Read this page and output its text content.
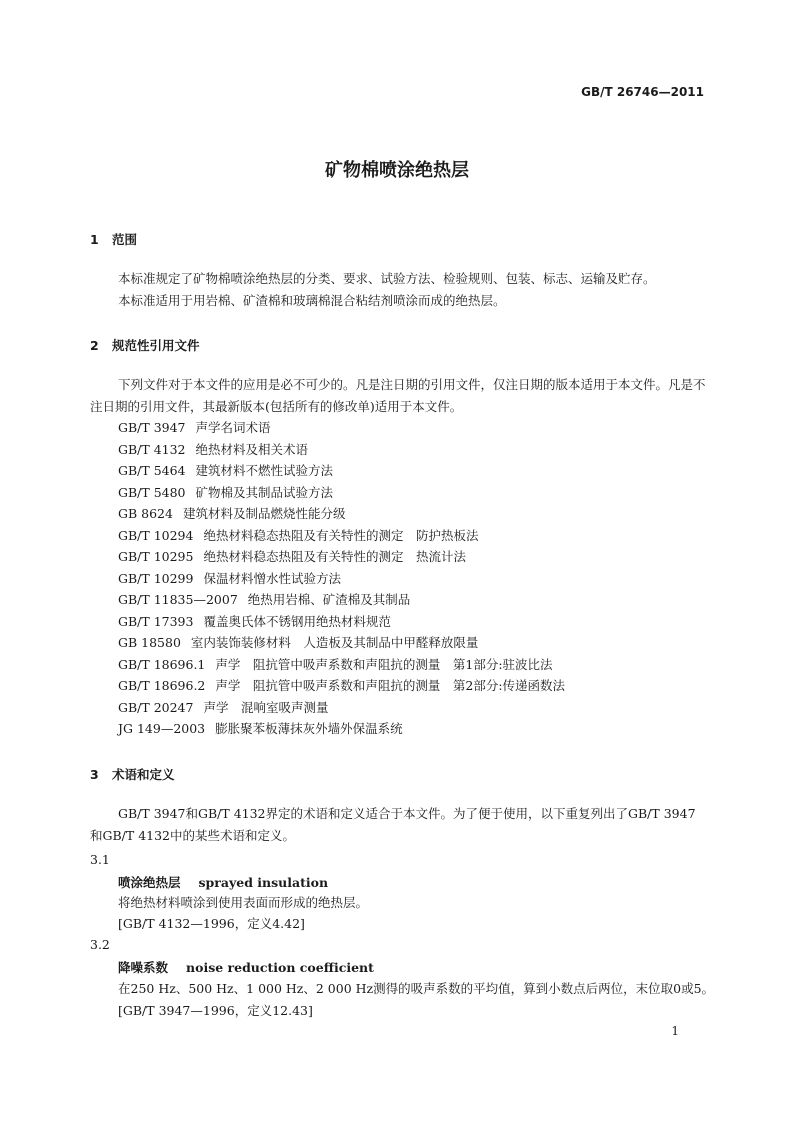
GB/T 26746—2011
矿物棉喷涂绝热层
1 范围
本标准规定了矿物棉喷涂绝热层的分类、要求、试验方法、检验规则、包装、标志、运输及贮存。
本标准适用于用岩棉、矿渣棉和玻璃棉混合粘结剂喷涂而成的绝热层。
2 规范性引用文件
下列文件对于本文件的应用是必不可少的。凡是注日期的引用文件，仅注日期的版本适用于本文件。凡是不注日期的引用文件，其最新版本(包括所有的修改单)适用于本文件。
GB/T 3947 声学名词术语
GB/T 4132 绝热材料及相关术语
GB/T 5464 建筑材料不燃性试验方法
GB/T 5480 矿物棉及其制品试验方法
GB 8624 建筑材料及制品燃烧性能分级
GB/T 10294 绝热材料稳态热阻及有关特性的测定　防护热板法
GB/T 10295 绝热材料稳态热阻及有关特性的测定　热流计法
GB/T 10299 保温材料憎水性试验方法
GB/T 11835—2007 绝热用岩棉、矿渣棉及其制品
GB/T 17393 覆盖奥氏体不锈钢用绝热材料规范
GB 18580 室内装饰装修材料　人造板及其制品中甲醛释放限量
GB/T 18696.1 声学　阻抗管中吸声系数和声阻抗的测量　第1部分:驻波比法
GB/T 18696.2 声学　阻抗管中吸声系数和声阻抗的测量　第2部分:传递函数法
GB/T 20247 声学　混响室吸声测量
JG 149—2003 膨胀聚苯板薄抹灰外墙外保温系统
3 术语和定义
GB/T 3947和GB/T 4132界定的术语和定义适合于本文件。为了便于使用，以下重复列出了GB/T 3947和GB/T 4132中的某些术语和定义。
3.1
喷涂绝热层 sprayed insulation
将绝热材料喷涂到使用表面而形成的绝热层。
[GB/T 4132—1996，定义4.42]
3.2
降噪系数 noise reduction coefficient
在250 Hz、500 Hz、1 000 Hz、2 000 Hz测得的吸声系数的平均值，算到小数点后两位，末位取0或5。
[GB/T 3947—1996，定义12.43]
1
